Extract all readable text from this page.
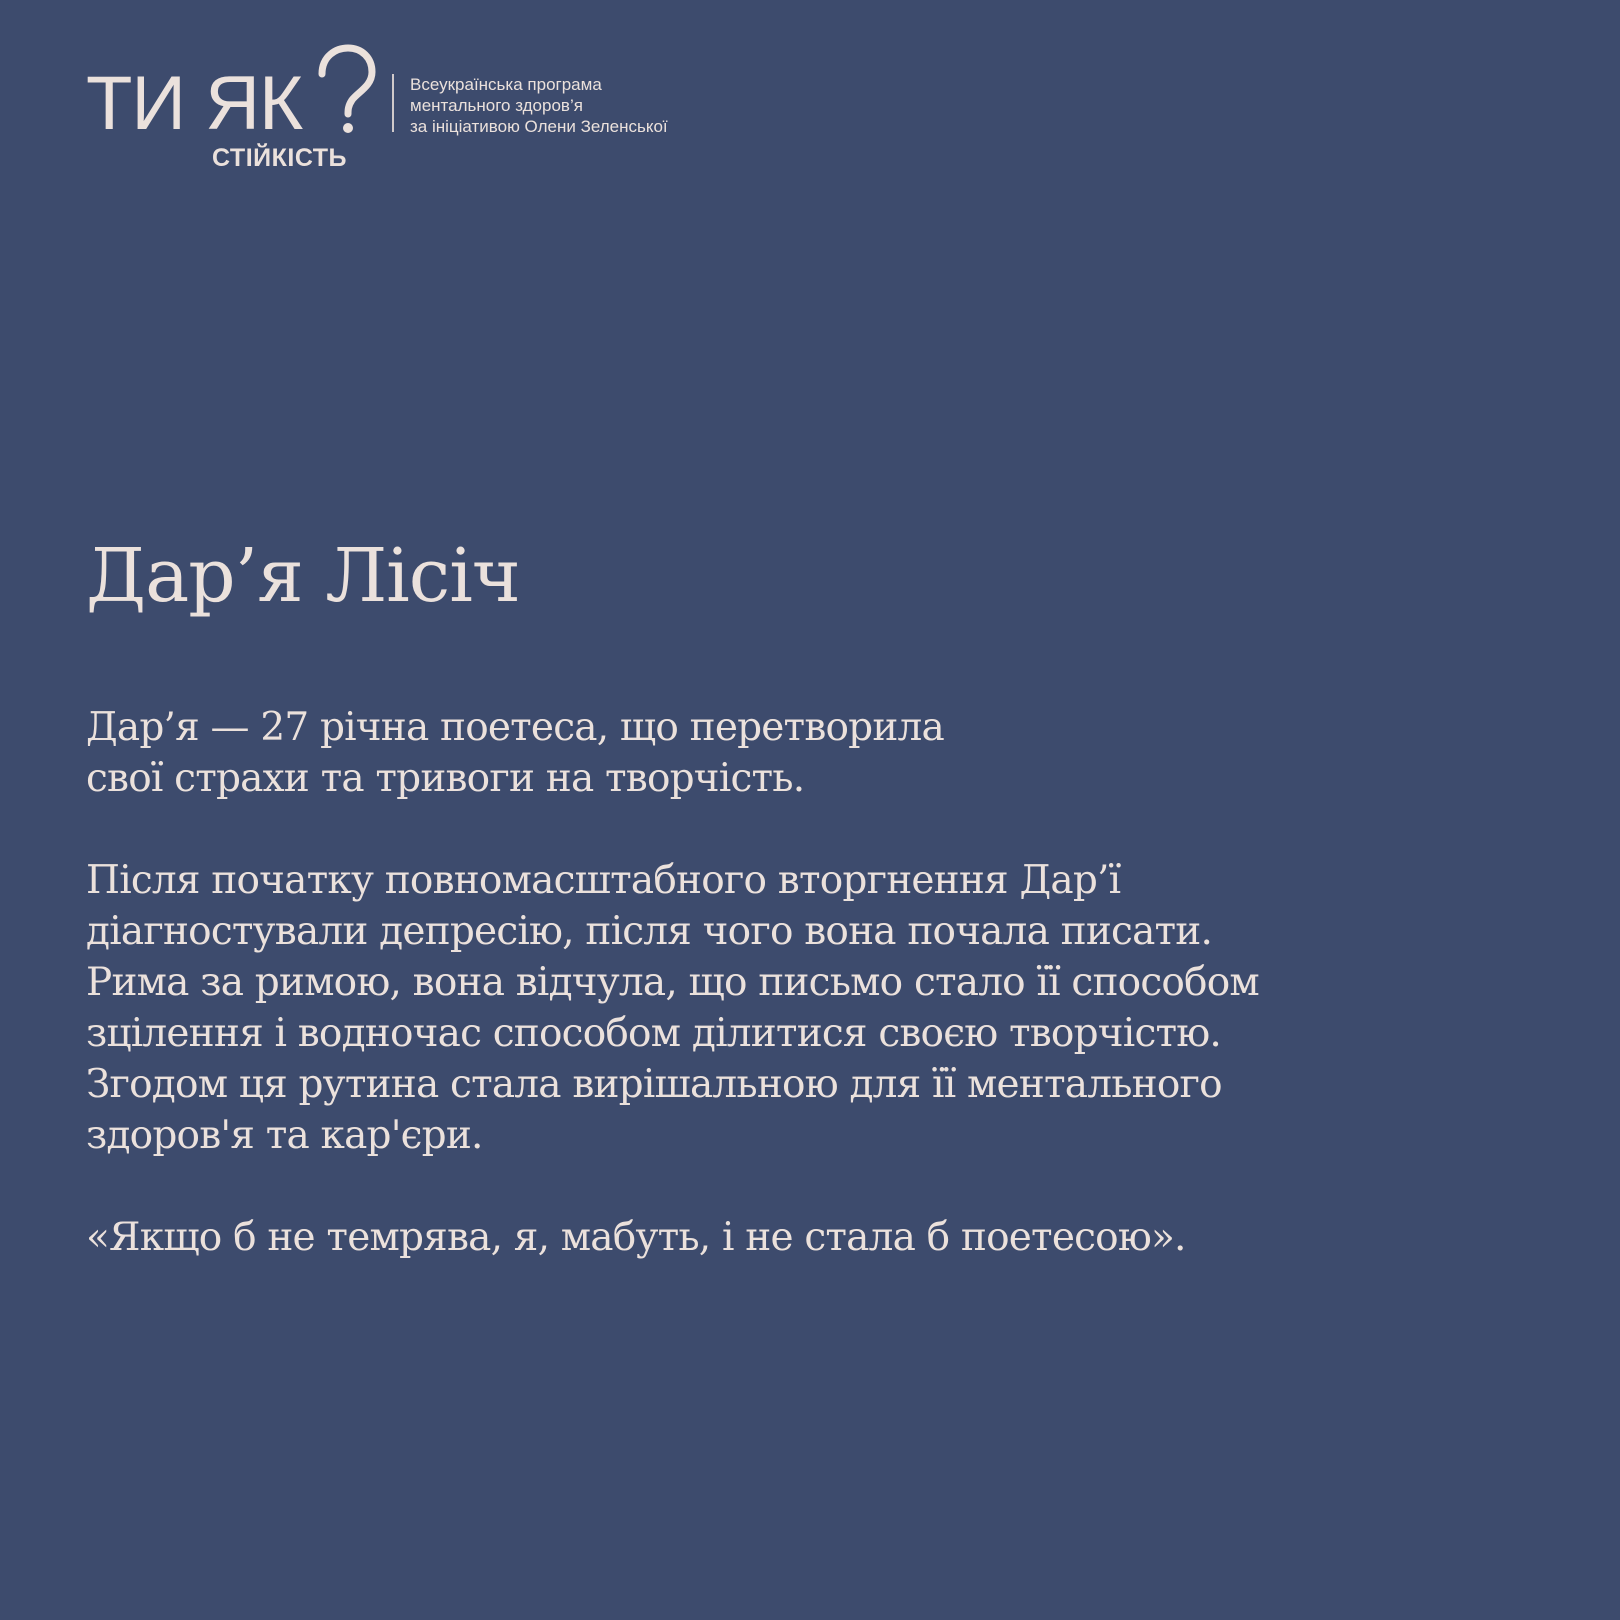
ТИ ЯК
СТІЙКІСТЬ
Всеукраїнська програма
ментального здоров’я
за ініціативою Олени Зеленської
Дар’я Лісіч
Дар’я — 27 річна поетеса, що перетворила
свої страхи та тривоги на творчість.
Після початку повномасштабного вторгнення Дар’ї
діагностували депресію, після чого вона почала писати.
Рима за римою, вона відчула, що письмо стало її способом
зцілення і водночас способом ділитися своєю творчістю.
Згодом ця рутина стала вирішальною для її ментального
здоров'я та кар'єри.
«Якщо б не темрява, я, мабуть, і не стала б поетесою».
